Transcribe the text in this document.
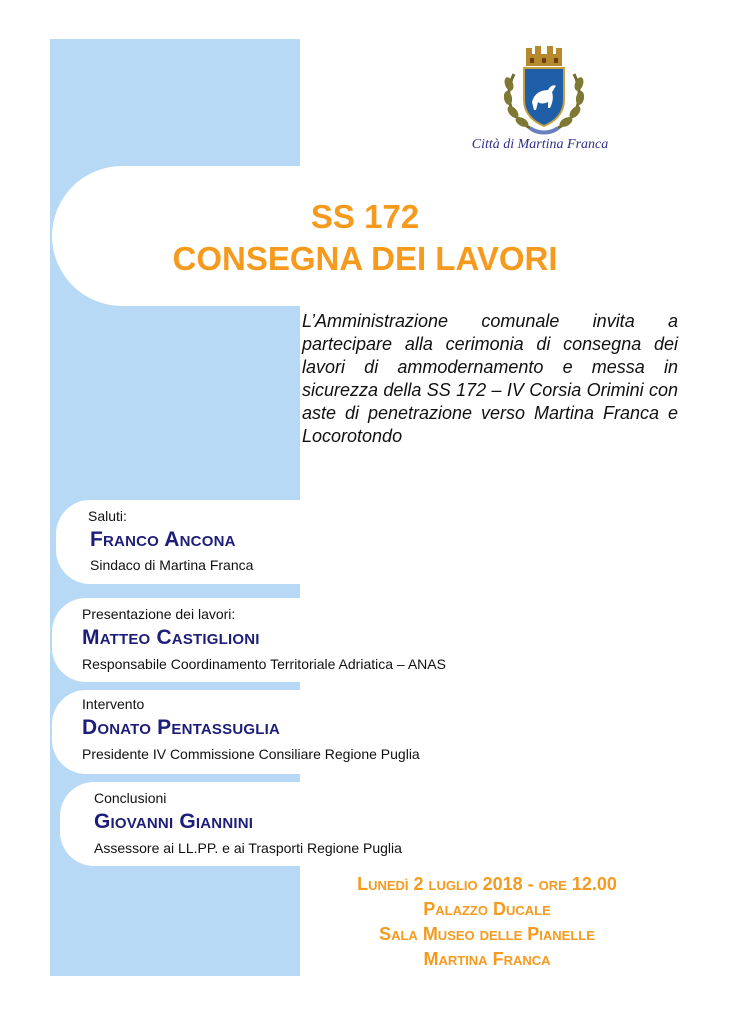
Città di Martina Franca
SS 172
CONSEGNA DEI LAVORI
L’Amministrazione comunale invita a partecipare alla cerimonia di consegna dei lavori di ammodernamento e messa in sicurezza della SS 172 – IV Corsia Orimini con aste di penetrazione verso Martina Franca e Locorotondo
Saluti:
Franco Ancona
Sindaco di Martina Franca
Presentazione dei lavori:
Matteo Castiglioni
Responsabile Coordinamento Territoriale Adriatica – ANAS
Intervento
Donato Pentassuglia
Presidente IV Commissione Consiliare Regione Puglia
Conclusioni
Giovanni Giannini
Assessore ai LL.PP. e ai Trasporti Regione Puglia
Lunedì 2 luglio 2018 - ore 12.00
Palazzo Ducale
Sala Museo delle Pianelle
Martina Franca
